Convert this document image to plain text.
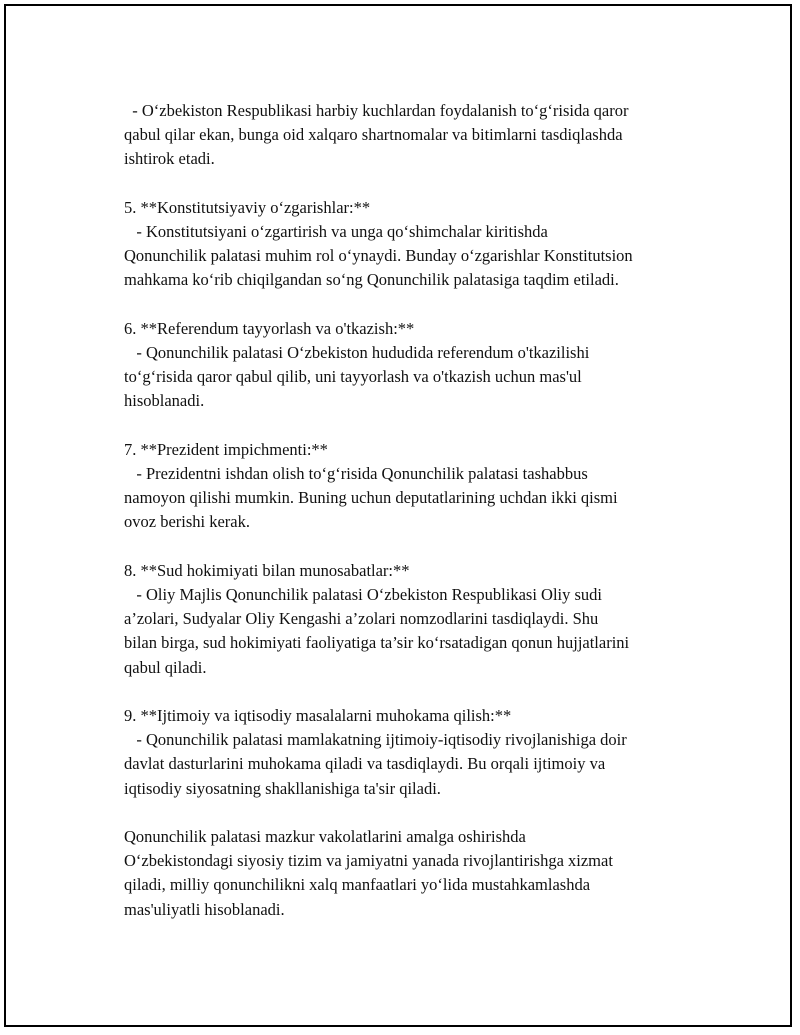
- O‘zbekiston Respublikasi harbiy kuchlardan foydalanish to‘g‘risida qaror
qabul qilar ekan, bunga oid xalqaro shartnomalar va bitimlarni tasdiqlashda
ishtirok etadi.

5. **Konstitutsiyaviy o‘zgarishlar:**
- Konstitutsiyani o‘zgartirish va unga qo‘shimchalar kiritishda
Qonunchilik palatasi muhim rol o‘ynaydi. Bunday o‘zgarishlar Konstitutsion
mahkama ko‘rib chiqilgandan so‘ng Qonunchilik palatasiga taqdim etiladi.

6. **Referendum tayyorlash va o'tkazish:**
- Qonunchilik palatasi O‘zbekiston hududida referendum o'tkazilishi
to‘g‘risida qaror qabul qilib, uni tayyorlash va o'tkazish uchun mas'ul
hisoblanadi.

7. **Prezident impichmenti:**
- Prezidentni ishdan olish to‘g‘risida Qonunchilik palatasi tashabbus
namoyon qilishi mumkin. Buning uchun deputatlarining uchdan ikki qismi
ovoz berishi kerak.

8. **Sud hokimiyati bilan munosabatlar:**
- Oliy Majlis Qonunchilik palatasi O‘zbekiston Respublikasi Oliy sudi
a’zolari, Sudyalar Oliy Kengashi a’zolari nomzodlarini tasdiqlaydi. Shu
bilan birga, sud hokimiyati faoliyatiga ta’sir ko‘rsatadigan qonun hujjatlarini
qabul qiladi.

9. **Ijtimoiy va iqtisodiy masalalarni muhokama qilish:**
- Qonunchilik palatasi mamlakatning ijtimoiy-iqtisodiy rivojlanishiga doir
davlat dasturlarini muhokama qiladi va tasdiqlaydi. Bu orqali ijtimoiy va
iqtisodiy siyosatning shakllanishiga ta'sir qiladi.

Qonunchilik palatasi mazkur vakolatlarini amalga oshirishda
O‘zbekistondagi siyosiy tizim va jamiyatni yanada rivojlantirishga xizmat
qiladi, milliy qonunchilikni xalq manfaatlari yo‘lida mustahkamlashda
mas'uliyatli hisoblanadi.
